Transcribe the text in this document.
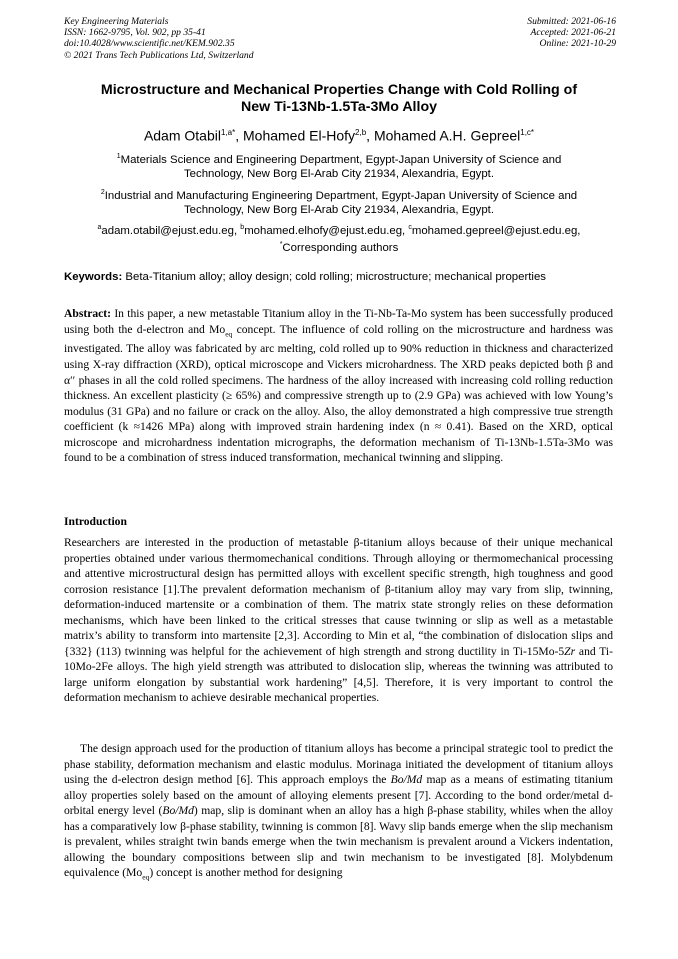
Key Engineering Materials
ISSN: 1662-9795, Vol. 902, pp 35-41
doi:10.4028/www.scientific.net/KEM.902.35
© 2021 Trans Tech Publications Ltd, Switzerland
Submitted: 2021-06-16
Accepted: 2021-06-21
Online: 2021-10-29
Microstructure and Mechanical Properties Change with Cold Rolling of
New Ti-13Nb-1.5Ta-3Mo Alloy
Adam Otabil$^{1,a*}$, Mohamed El-Hofy$^{2,b}$, Mohamed A.H. Gepreel$^{1,c*}$
$^1$Materials Science and Engineering Department, Egypt-Japan University of Science and
Technology, New Borg El-Arab City 21934, Alexandria, Egypt.
$^2$Industrial and Manufacturing Engineering Department, Egypt-Japan University of Science and
Technology, New Borg El-Arab City 21934, Alexandria, Egypt.
$^a$adam.otabil@ejust.edu.eg, $^b$mohamed.elhofy@ejust.edu.eg, $^c$mohamed.gepreel@ejust.edu.eg,
*Corresponding authors
Keywords: Beta-Titanium alloy; alloy design; cold rolling; microstructure; mechanical properties
Abstract: In this paper, a new metastable Titanium alloy in the Ti-Nb-Ta-Mo system has been successfully produced using both the d-electron and $Mo_{eq}$ concept. The influence of cold rolling on the microstructure and hardness was investigated. The alloy was fabricated by arc melting, cold rolled up to 90% reduction in thickness and characterized using X-ray diffraction (XRD), optical microscope and Vickers microhardness. The XRD peaks depicted both β and α′′ phases in all the cold rolled specimens. The hardness of the alloy increased with increasing cold rolling reduction thickness. An excellent plasticity (≥ 65%) and compressive strength up to (2.9 GPa) was achieved with low Young’s modulus (31 GPa) and no failure or crack on the alloy. Also, the alloy demonstrated a high compressive true strength coefficient (k ≈1426 MPa) along with improved strain hardening index (n ≈ 0.41). Based on the XRD, optical microscope and microhardness indentation micrographs, the deformation mechanism of Ti-13Nb-1.5Ta-3Mo was found to be a combination of stress induced transformation, mechanical twinning and slipping.
Introduction
Researchers are interested in the production of metastable β-titanium alloys because of their unique mechanical properties obtained under various thermomechanical conditions. Through alloying or thermomechanical processing and attentive microstructural design has permitted alloys with excellent specific strength, high toughness and good corrosion resistance [1].The prevalent deformation mechanism of β-titanium alloy may vary from slip, twinning, deformation-induced martensite or a combination of them. The matrix state strongly relies on these deformation mechanisms, which have been linked to the critical stresses that cause twinning or slip as well as a metastable matrix’s ability to transform into martensite [2,3]. According to Min et al, “the combination of dislocation slips and {332} (113) twinning was helpful for the achievement of high strength and strong ductility in Ti-15Mo-5Zr and Ti-10Mo-2Fe alloys. The high yield strength was attributed to dislocation slip, whereas the twinning was attributed to large uniform elongation by substantial work hardening” [4,5]. Therefore, it is very important to control the deformation mechanism to achieve desirable mechanical properties.
The design approach used for the production of titanium alloys has become a principal strategic tool to predict the phase stability, deformation mechanism and elastic modulus. Morinaga initiated the development of titanium alloys using the d-electron design method [6]. This approach employs the Bo/Md map as a means of estimating titanium alloy properties solely based on the amount of alloying elements present [7]. According to the bond order/metal d-orbital energy level (Bo/Md) map, slip is dominant when an alloy has a high β-phase stability, whiles when the alloy has a comparatively low β-phase stability, twinning is common [8]. Wavy slip bands emerge when the slip mechanism is prevalent, whiles straight twin bands emerge when the twin mechanism is prevalent around a Vickers indentation, allowing the boundary compositions between slip and twin mechanism to be investigated [8]. Molybdenum equivalence $(Mo_{eq})$ concept is another method for designing
